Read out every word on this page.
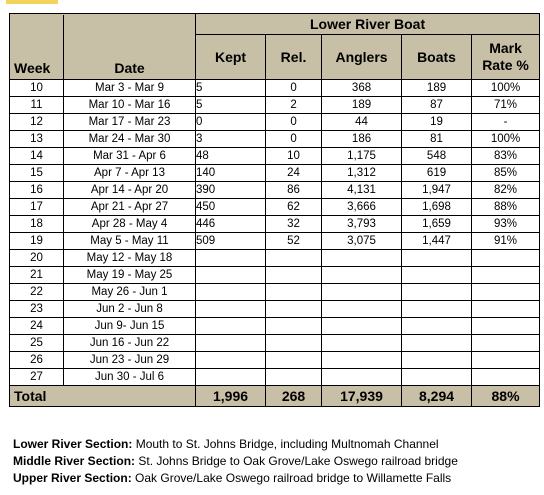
Week Date		Lower River Boat				
		Kept	Rel.	Anglers	Boats	Mark
Rate %

10	Mar 3 - Mar 9	5	0	368	189	100%
11	Mar 10 - Mar 16	5	2	189	87	71%
12	Mar 17 - Mar 23	0	0	44	19	-
13	Mar 24 - Mar 30	3	0	186	81	100%
14	Mar 31 - Apr 6	48	10	1,175	548	83%
15	Apr 7 - Apr 13	140	24	1,312	619	85%
16	Apr 14 - Apr 20	390	86	4,131	1,947	82%
17	Apr 21 - Apr 27	450	62	3,666	1,698	88%
18	Apr 28 - May 4	446	32	3,793	1,659	93%
19	May 5 - May 11	509	52	3,075	1,447	91%
20	May 12 - May 18					
21	May 19 - May 25					
22	May 26 - Jun 1					
23	Jun 2 - Jun 8					
24	Jun 9- Jun 15					
25	Jun 16 - Jun 22					
26	Jun 23 - Jun 29					
27	Jun 30 - Jul 6					
Total		1,996	268	17,939	8,294	88%
Lower River Section: Mouth to St. Johns Bridge, including Multnomah Channel
Middle River Section: St. Johns Bridge to Oak Grove/Lake Oswego railroad bridge
Upper River Section: Oak Grove/Lake Oswego railroad bridge to Willamette Falls
